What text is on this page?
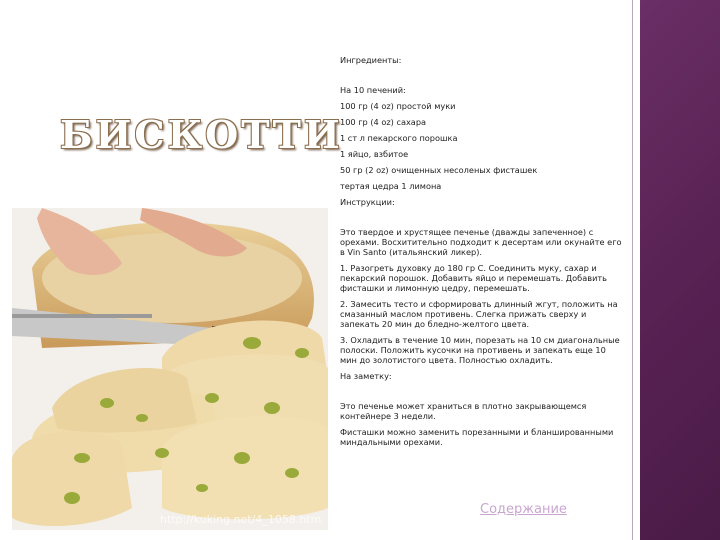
БИСКОТТИ
http://kuking.net/4_1058.htm

Ингредиенты:

На 10 печений:

100 гр (4 oz) простой муки

100 гр (4 oz) сахара

1 ст л пекарского порошка

1 яйцо, взбитое

50 гр (2 oz) очищенных несоленых фисташек

тертая цедра 1 лимона

Инструкции:

Это твердое и хрустящее печенье (дважды запеченное) с орехами. Восхитительно подходит к десертам или окунайте его в Vin Santo (итальянский ликер).

1. Разогреть духовку до 180 гр С. Соединить муку, сахар и пекарский порошок. Добавить яйцо и перемешать. Добавить фисташки и лимонную цедру, перемешать.

2. Замесить тесто и сформировать длинный жгут, положить на смазанный маслом противень. Слегка прижать сверху и запекать 20 мин до бледно-желтого цвета.

3. Охладить в течение 10 мин, порезать на 10 см диагональные полоски. Положить кусочки на противень и запекать еще 10 мин до золотистого цвета. Полностью охладить.

На заметку:

Это печенье может храниться в плотно закрывающемся контейнере 3 недели.

Фисташки можно заменить порезанными и бланшированными миндальными орехами.

Содержание
